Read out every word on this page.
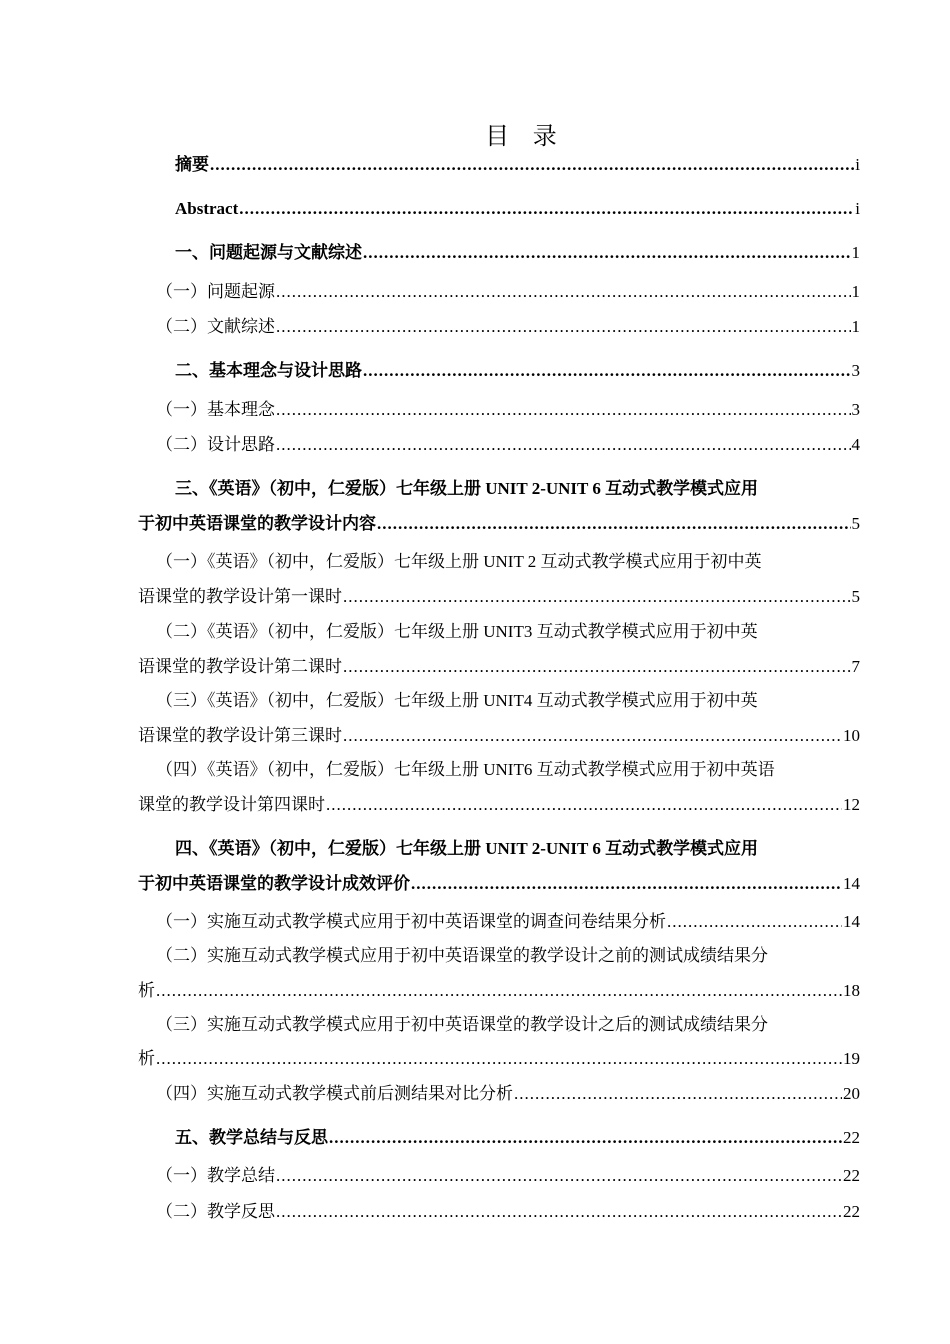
目 录
摘要 .....	i
Abstract .....	i
一、问题起源与文献综述 .....	1
（一）问题起源 .....	1
（二）文献综述 .....	1
二、基本理念与设计思路 .....	3
（一）基本理念 .....	3
（二）设计思路 .....	4
三、《英语》（初中，仁爱版）七年级上册 UNIT 2-UNIT 6 互动式教学模式应用
于初中英语课堂的教学设计内容 .....	5
（一）《英语》（初中，仁爱版）七年级上册 UNIT 2 互动式教学模式应用于初中英
语课堂的教学设计第一课时 .....	5
（二）《英语》（初中，仁爱版）七年级上册 UNIT3 互动式教学模式应用于初中英
语课堂的教学设计第二课时 .....	7
（三）《英语》（初中，仁爱版）七年级上册 UNIT4 互动式教学模式应用于初中英
语课堂的教学设计第三课时 .....	10
（四）《英语》（初中，仁爱版）七年级上册 UNIT6 互动式教学模式应用于初中英语
课堂的教学设计第四课时 .....	12
四、《英语》（初中，仁爱版）七年级上册 UNIT 2-UNIT 6 互动式教学模式应用
于初中英语课堂的教学设计成效评价 .....	14
（一）实施互动式教学模式应用于初中英语课堂的调查问卷结果分析 .....	14
（二）实施互动式教学模式应用于初中英语课堂的教学设计之前的测试成绩结果分
析 .....	18
（三）实施互动式教学模式应用于初中英语课堂的教学设计之后的测试成绩结果分
析 .....	19
（四）实施互动式教学模式前后测结果对比分析 .....	20
五、教学总结与反思 .....	22
（一）教学总结 .....	22
（二）教学反思 .....	22
